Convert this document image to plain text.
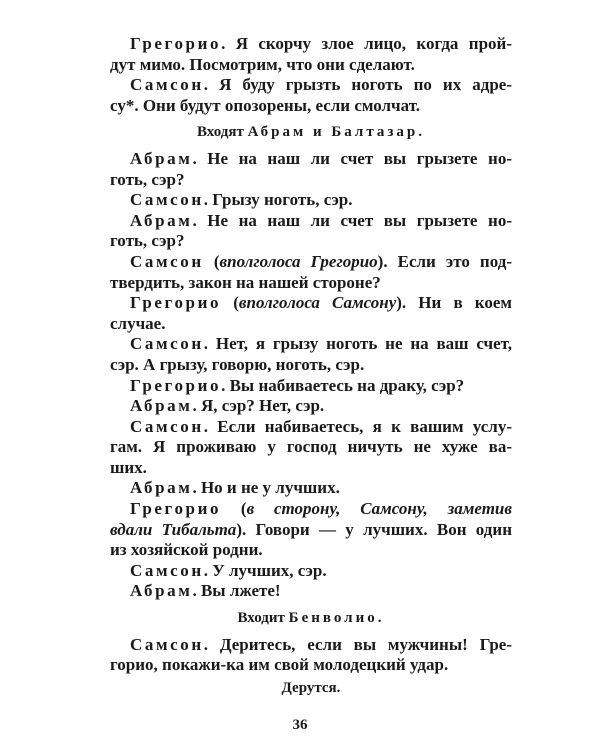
Грегорио. Я скорчу злое лицо, когда прой-
дут мимо. Посмотрим, что они сделают.
Самсон. Я буду грызть ноготь по их адре-
су*. Они будут опозорены, если смолчат.
Входят Абрам и Балтазар.
Абрам. Не на наш ли счет вы грызете но-
готь, сэр?
Самсон. Грызу ноготь, сэр.
Абрам. Не на наш ли счет вы грызете но-
готь, сэр?
Самсон (вполголоса Грегорио). Если это под-
твердить, закон на нашей стороне?
Грегорио (вполголоса Самсону). Ни в коем
случае.
Самсон. Нет, я грызу ноготь не на ваш счет,
сэр. А грызу, говорю, ноготь, сэр.
Грегорио. Вы набиваетесь на драку, сэр?
Абрам. Я, сэр? Нет, сэр.
Самсон. Если набиваетесь, я к вашим услу-
гам. Я проживаю у господ ничуть не хуже ва-
ших.
Абрам. Но и не у лучших.
Грегорио (в сторону, Самсону, заметив
вдали Тибальта). Говори — у лучших. Вон один
из хозяйской родни.
Самсон. У лучших, сэр.
Абрам. Вы лжете!
Входит Бенволио.
Самсон. Деритесь, если вы мужчины! Гре-
горио, покажи-ка им свой молодецкий удар.
Дерутся.
36
